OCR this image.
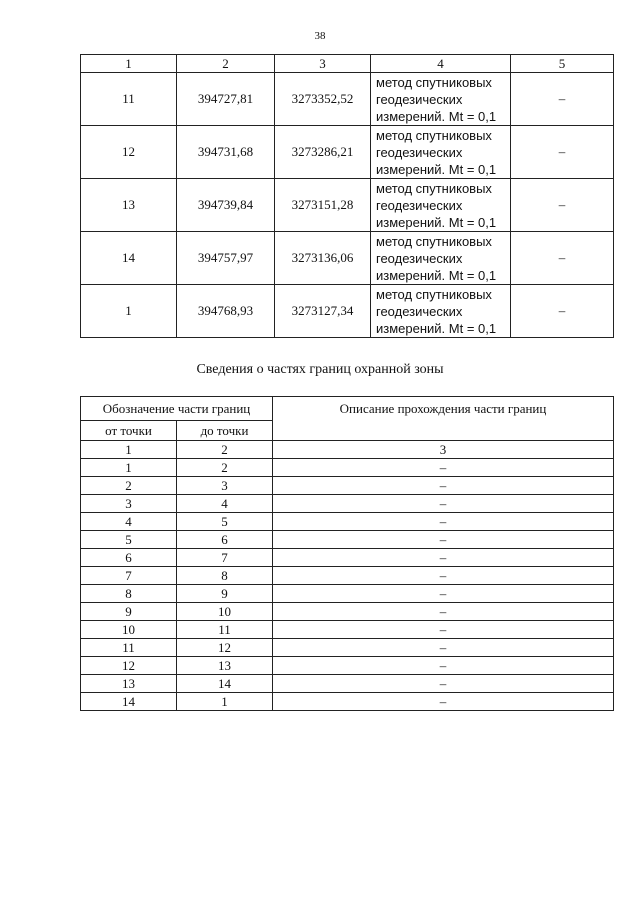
38
1	2	3	4	5
11	394727,81	3273352,52	метод спутниковых
геодезических
измерений. Mt = 0,1	–
12	394731,68	3273286,21	метод спутниковых
геодезических
измерений. Mt = 0,1	–
13	394739,84	3273151,28	метод спутниковых
геодезических
измерений. Mt = 0,1	–
14	394757,97	3273136,06	метод спутниковых
геодезических
измерений. Mt = 0,1	–
1	394768,93	3273127,34	метод спутниковых
геодезических
измерений. Mt = 0,1	–
Сведения о частях границ охранной зоны
Обозначение части границ		Описание прохождения части границ
от точки	до точки	
1	2	3
1	2	–
2	3	–
3	4	–
4	5	–
5	6	–
6	7	–
7	8	–
8	9	–
9	10	–
10	11	–
11	12	–
12	13	–
13	14	–
14	1	–
